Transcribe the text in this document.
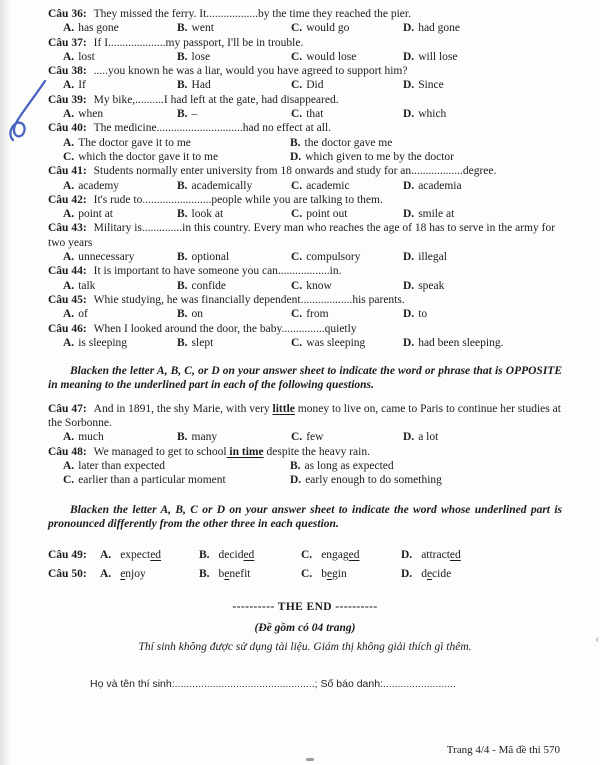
Câu 36: They missed the ferry. It..................by the time they reached the pier.

A. has gone	B. went	C. would go	D. had gone

Câu 37: If I....................my passport, I'll be in trouble.

A. lost	B. lose	C. would lose	D. will lose

Câu 38: .....you known he was a liar, would you have agreed to support him?

A. If	B. Had	C. Did	D. Since

Câu 39: My bike,..........I had left at the gate, had disappeared.

A. when	B. –	C. that	D. which

Câu 40: The medicine..............................had no effect at all.

A. The doctor gave it to me	B. the doctor gave me
C. which the doctor gave it to me	D. which given to me by the doctor

Câu 41: Students normally enter university from 18 onwards and study for an..................degree.

A. academy	B. academically	C. academic	D. academia

Câu 42: It's rude to........................people while you are talking to them.

A. point at	B. look at	C. point out	D. smile at

Câu 43: Military is..............in this country. Every man who reaches the age of 18 has to serve in the army for two years

A. unnecessary	B. optional	C. compulsory	D. illegal

Câu 44: It is important to have someone you can..................in.

A. talk	B. confide	C. know	D. speak

Câu 45: Whie studying, he was financially dependent..................his parents.

A. of	B. on	C. from	D. to

Câu 46: When I looked around the door, the baby...............quietly

A. is sleeping	B. slept	C. was sleeping	D. had been sleeping.

Blacken the letter A, B, C, or D on your answer sheet to indicate the word or phrase that is OPPOSITE in meaning to the underlined part in each of the following questions.

Câu 47: And in 1891, the shy Marie, with very little money to live on, came to Paris to continue her studies at the Sorbonne.

A. much	B. many	C. few	D. a lot

Câu 48: We managed to get to school in time despite the heavy rain.

A. later than expected	B. as long as expected
C. earlier than a particular moment	D. early enough to do something

Blacken the letter A, B, C or D on your answer sheet to indicate the word whose underlined part is pronounced differently from the other three in each question.

Câu 49:	A. expected	B. decided	C. engaged	D. attracted
Câu 50:	A. enjoy	B. benefit	C. begin	D. decide

---------- THE END ----------

(Đề gồm có 04 trang)

Thí sinh không được sử dụng tài liệu. Giám thị không giải thích gì thêm.

Họ và tên thí sinh:................................................; Số báo danh:.........................

Trang 4/4 - Mã đề thi 570
‹
